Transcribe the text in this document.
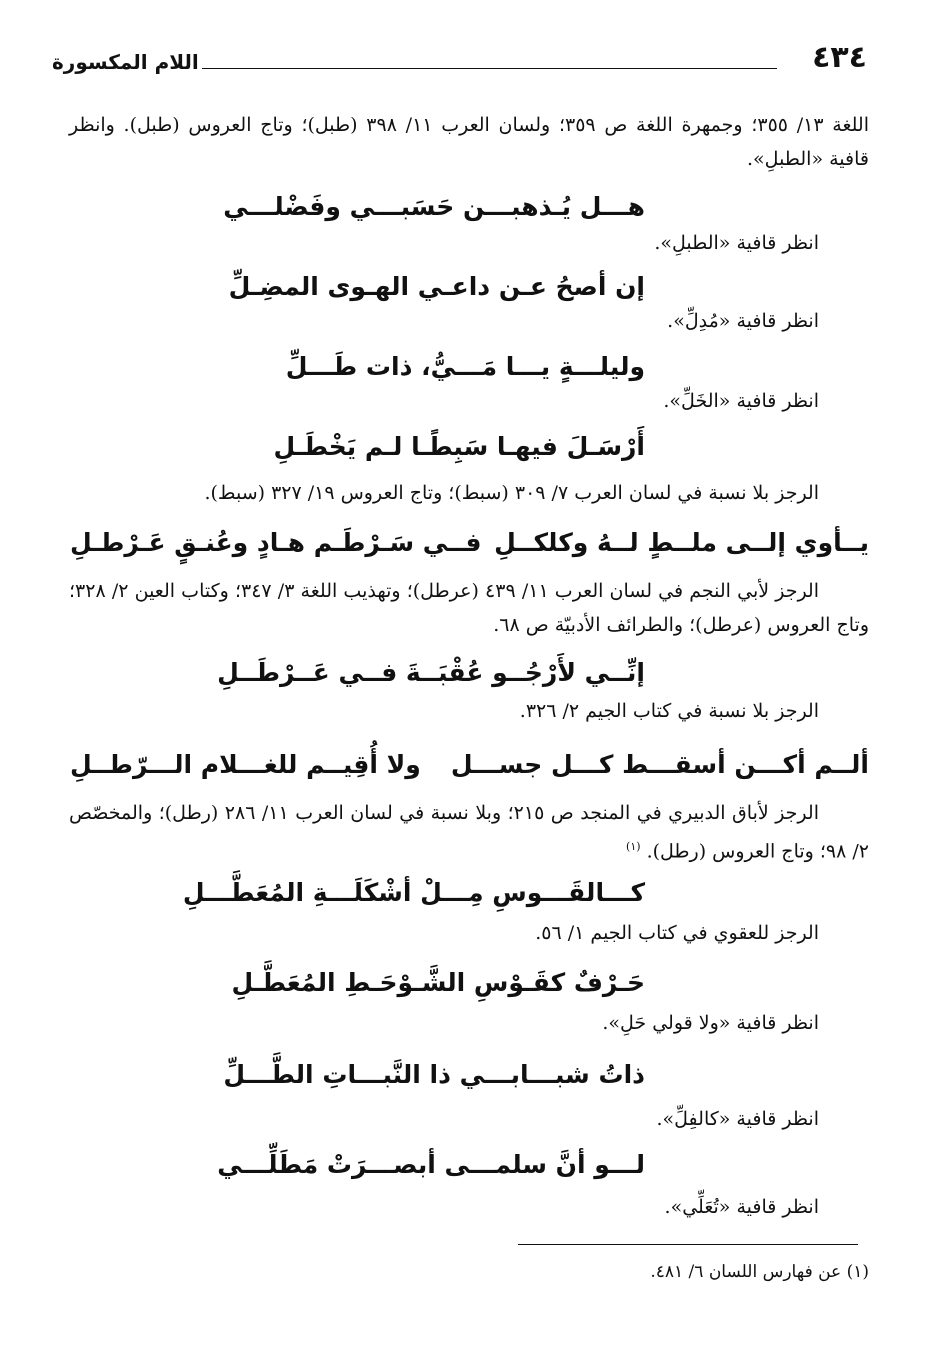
٤٣٤
اللام المكسورة
اللغة ١٣/ ٣٥٥؛ وجمهرة اللغة ص ٣٥٩؛ ولسان العرب ١١/ ٣٩٨ (طبل)؛ وتاج العروس (طبل). وانظر قافية «الطبلِ».
هـــل يُـذهبـــن حَسَبـــي وفَضْلـــي
انظر قافية «الطبلِ».
إن أصحُ عـن داعـي الهـوى المضِـلِّ
انظر قافية «مُدِلِّ».
وليلـــةٍ يـــا مَـــيُّ، ذات طَـــلِّ
انظر قافية «الخَلِّ».
أَرْسَـلَ فيهـا سَبِطًـا لـم يَخْطَـلِ
الرجز بلا نسبة في لسان العرب ٧/ ٣٠٩ (سبط)؛ وتاج العروس ١٩/ ٣٢٧ (سبط).
يــأوي إلــى ملــطٍ لــهُ وكلكــلِ
فــي سَـرْطَـم هـادٍ وعُنـقٍ عَـرْطـلِ
الرجز لأبي النجم في لسان العرب ١١/ ٤٣٩ (عرطل)؛ وتهذيب اللغة ٣/ ٣٤٧؛ وكتاب العين ٢/ ٣٢٨؛ وتاج العروس (عرطل)؛ والطرائف الأدبيّة ص ٦٨.
إنِّــي لأَرْجُــو عُقْبَــةَ فــي عَــرْطَــلِ
الرجز بلا نسبة في كتاب الجيم ٢/ ٣٢٦.
ألــم أكـــن أسقـــط كـــل جســـل
ولا أُقِيــم للغـــلام الـــرّطــلِ
الرجز لأباق الدبيري في المنجد ص ٢١٥؛ وبلا نسبة في لسان العرب ١١/ ٢٨٦ (رطل)؛ والمخصّص ٢/ ٩٨؛ وتاج العروس (رطل). $^{(١)}$
كـــالقَـــوسِ مِـــلْ أشْكَلَـــةِ المُعَطَّـــلِ
الرجز للعقوي في كتاب الجيم ١/ ٥٦.
حَـرْفٌ كقَـوْسِ الشَّـوْحَـطِ المُعَطَّـلِ
انظر قافية «ولا قولي حَلِ».
ذاتُ شبـــابـــي ذا النَّبـــاتِ الطَّـــلِّ
انظر قافية «كالفِلِّ».
لـــو أنَّ سلمـــى أبصـــرَتْ مَطَلِّـــي
انظر قافية «تُعَلِّي».
(١) عن فهارس اللسان ٦/ ٤٨١.
